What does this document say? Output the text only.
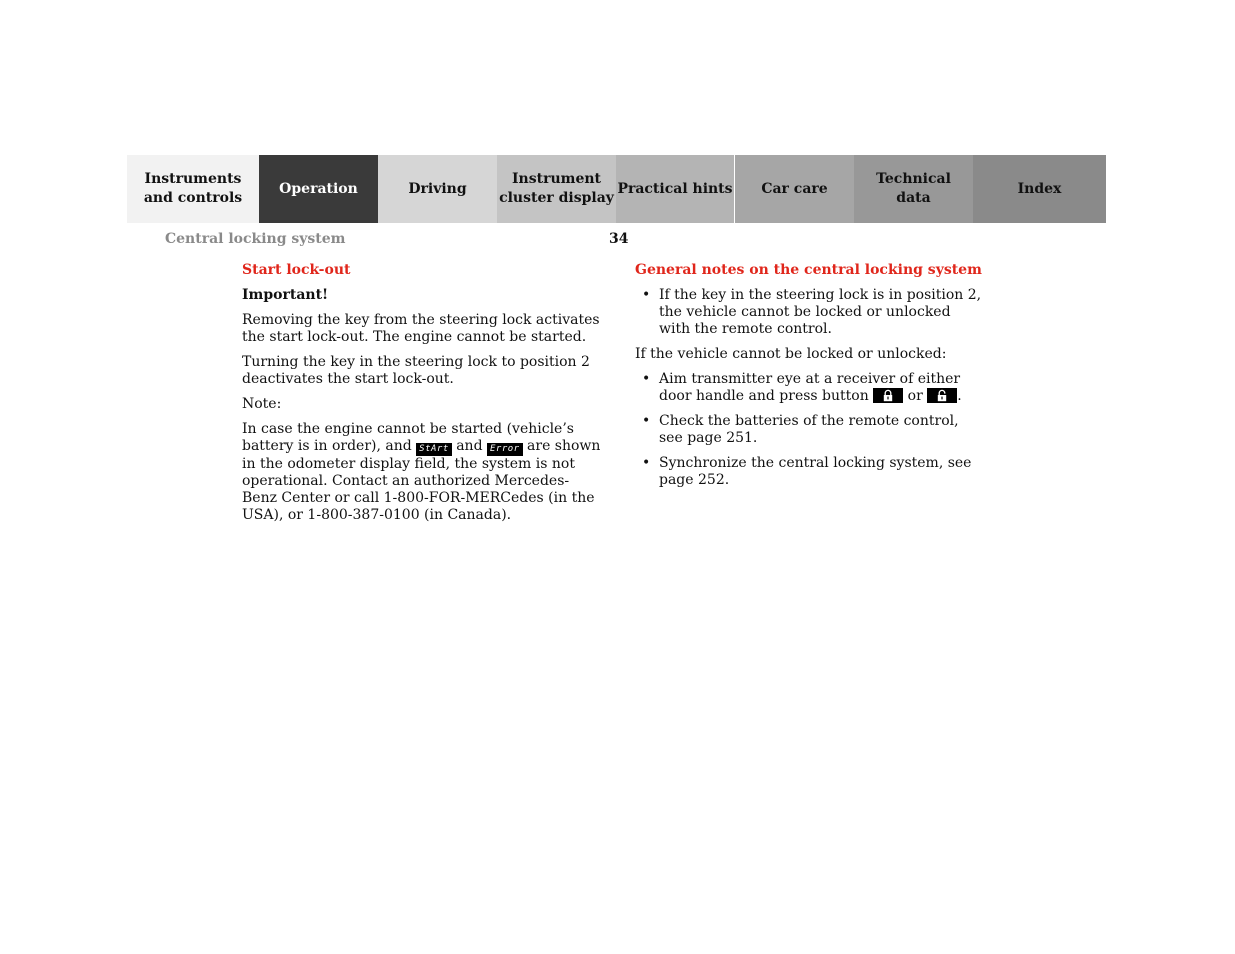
Instruments
and controls
Operation	Driving
Instrument
cluster display
Practical hints	Car care
Technical
data
Index
Central locking system	34
Start lock-out

Important!

Removing the key from the steering lock activates the start lock-out. The engine cannot be started.

Turning the key in the steering lock to position 2 deactivates the start lock-out.

Note:

In case the engine cannot be started (vehicle’s battery is in order), and StArt and Error are shown in the odometer display field, the system is not operational. Contact an authorized Mercedes-Benz Center or call 1-800-FOR-MERCedes (in the USA), or 1-800-387-0100 (in Canada).

General notes on the central locking system
• If the key in the steering lock is in position 2, the vehicle cannot be locked or unlocked with the remote control.

If the vehicle cannot be locked or unlocked:

• Aim transmitter eye at a receiver of either door handle and press button	or .
• Check the batteries of the remote control, see page 251.
• Synchronize the central locking system, see page 252.
